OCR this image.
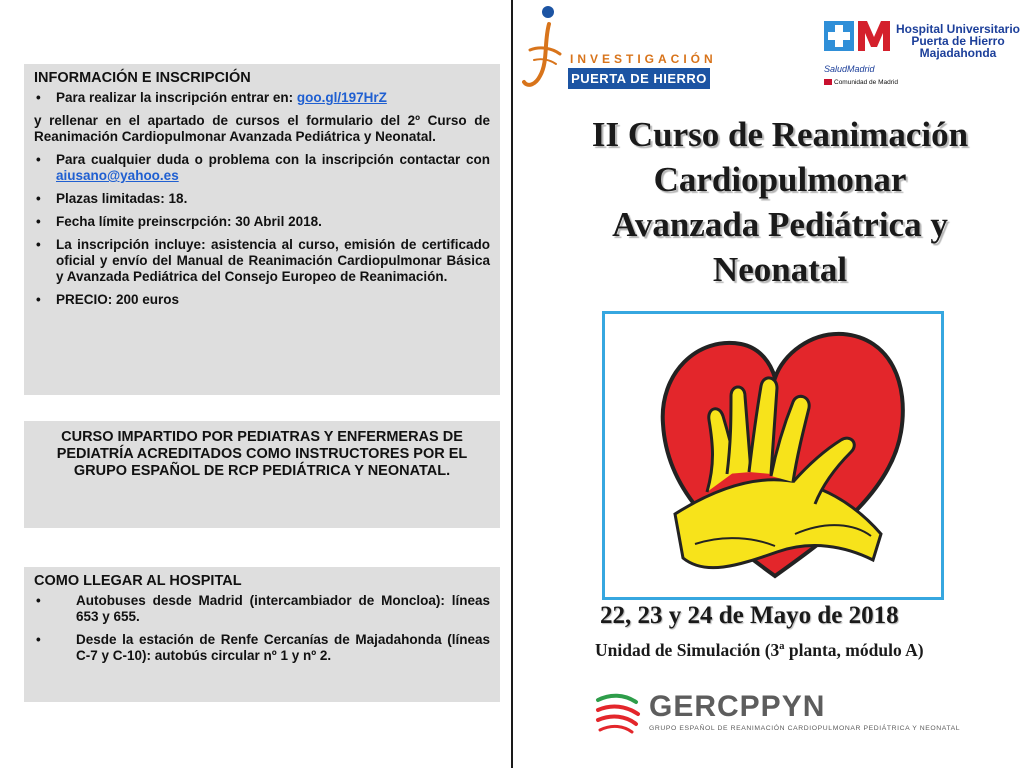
INFORMACIÓN E INSCRIPCIÓN

•	Para realizar la inscripción entrar en: goo.gl/197HrZ

y rellenar en el apartado de cursos el formulario del 2º Curso de Reanimación Cardiopulmonar Avanzada Pediátrica y Neonatal.

•	Para cualquier duda o problema con la inscripción contactar con aiusano@yahoo.es
•	Plazas limitadas: 18.
•	Fecha límite preinscrpción: 30 Abril 2018.
•	La inscripción incluye: asistencia al curso, emisión de certificado oficial y envío del Manual de Reanimación Cardiopulmonar Básica y Avanzada Pediátrica del Consejo Europeo de Reanimación.
•	PRECIO: 200 euros

CURSO IMPARTIDO POR PEDIATRAS Y ENFERMERAS DE PEDIATRÍA ACREDITADOS COMO INSTRUCTORES POR EL GRUPO ESPAÑOL DE RCP PEDIÁTRICA Y NEONATAL.

COMO LLEGAR AL HOSPITAL

•	Autobuses desde Madrid (intercambiador de Moncloa): líneas 653 y 655.
•	Desde la estación de Renfe Cercanías de Majadahonda (líneas C-7 y C-10): autobús circular nº 1 y nº 2.
INVESTIGACIÓN
PUERTA DE HIERRO
Hospital Universitario
Puerta de Hierro
Majadahonda
SaludMadrid
Comunidad de Madrid
II Curso de Reanimación
Cardiopulmonar
Avanzada Pediátrica y
Neonatal

22, 23 y 24 de Mayo de 2018

Unidad de Simulación (3ª planta, módulo A)

GERCPPYN
GRUPO ESPAÑOL DE REANIMACIÓN CARDIOPULMONAR PEDIÁTRICA Y NEONATAL
